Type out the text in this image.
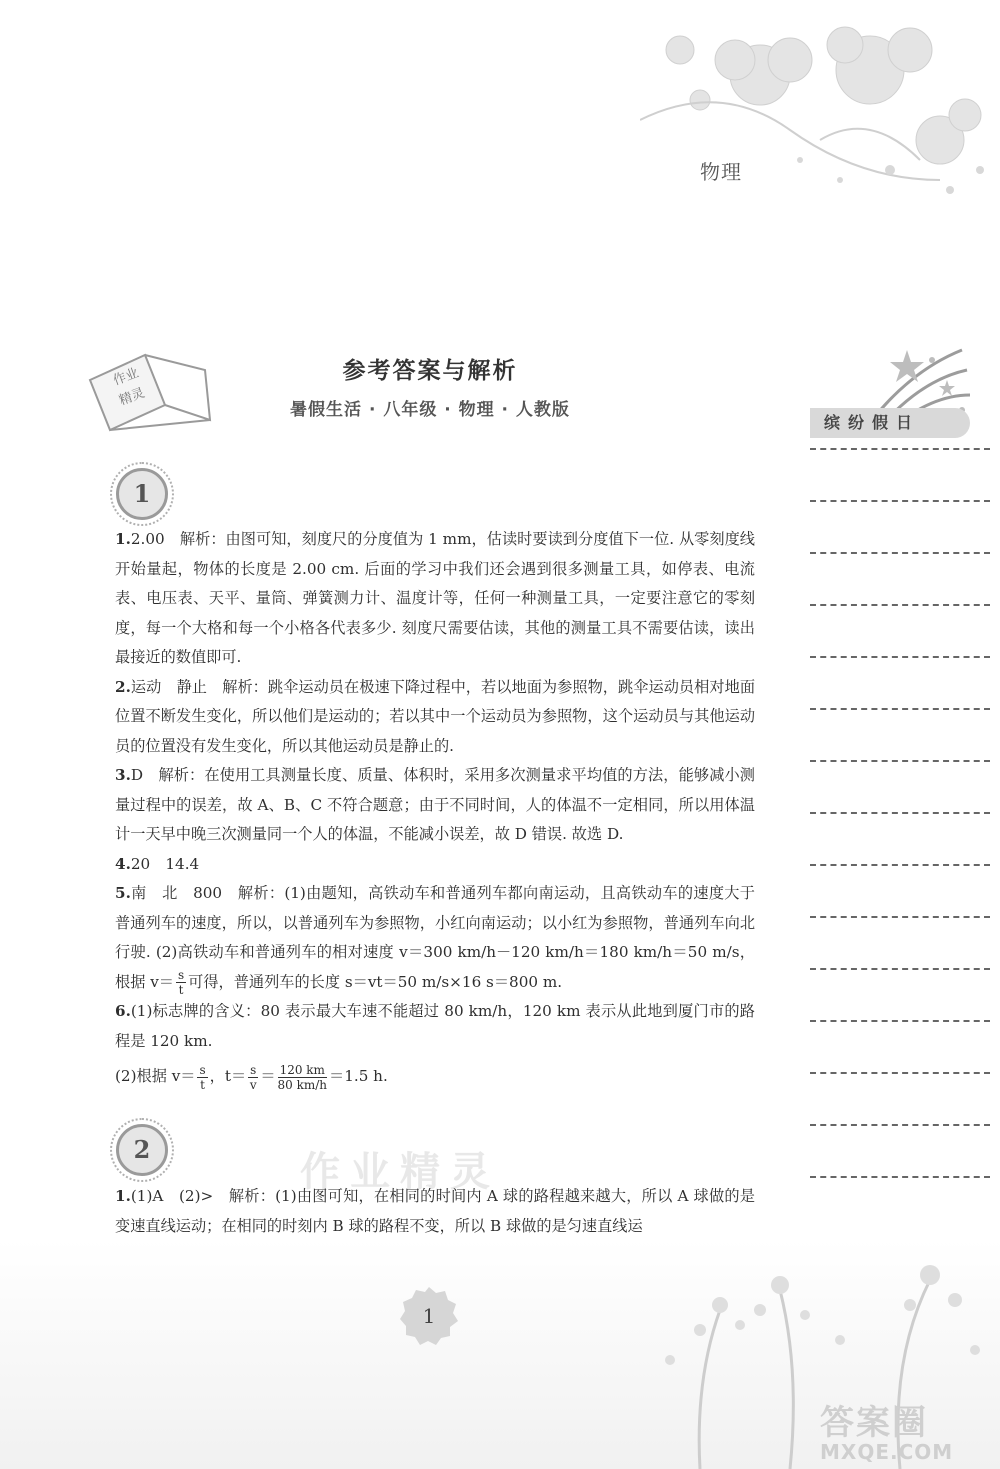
物理
作业
精灵
参考答案与解析
暑假生活 · 八年级 · 物理 · 人教版
缤纷假日
1
1.2.00　解析：由图可知，刻度尺的分度值为 1 mm，估读时要读到分度值下一位. 从零刻度线开始量起，物体的长度是 2.00 cm. 后面的学习中我们还会遇到很多测量工具，如停表、电流表、电压表、天平、量筒、弹簧测力计、温度计等，任何一种测量工具，一定要注意它的零刻度，每一个大格和每一个小格各代表多少. 刻度尺需要估读，其他的测量工具不需要估读，读出最接近的数值即可.
2.运动　静止　解析：跳伞运动员在极速下降过程中，若以地面为参照物，跳伞运动员相对地面位置不断发生变化，所以他们是运动的；若以其中一个运动员为参照物，这个运动员与其他运动员的位置没有发生变化，所以其他运动员是静止的.
3.D　解析：在使用工具测量长度、质量、体积时，采用多次测量求平均值的方法，能够减小测量过程中的误差，故 A、B、C 不符合题意；由于不同时间，人的体温不一定相同，所以用体温计一天早中晚三次测量同一个人的体温，不能减小误差，故 D 错误. 故选 D.
4.20　14.4
5.南　北　800　解析：(1)由题知，高铁动车和普通列车都向南运动，且高铁动车的速度大于普通列车的速度，所以，以普通列车为参照物，小红向南运动；以小红为参照物，普通列车向北行驶. (2)高铁动车和普通列车的相对速度 v＝300 km/h－120 km/h＝180 km/h＝50 m/s，根据 $v= \frac{s}{t}$ 可得，普通列车的长度 s＝vt＝50 m/s×16 s＝800 m.
6.(1)标志牌的含义：80 表示最大车速不能超过 80 km/h，120 km 表示从此地到厦门市的路程是 120 km.
(2)根据 $v= \frac{s}{t}$ ，$t= \frac{s}{v} = \frac{120 km}{80 km/h} =1.5$ h.
作业精灵
2
1.(1)A　(2)>　解析：(1)由图可知，在相同的时间内 A 球的路程越来越大，所以 A 球做的是变速直线运动；在相同的时刻内 B 球的路程不变，所以 B 球做的是匀速直线运
1
答案圈
MXQE.COM
